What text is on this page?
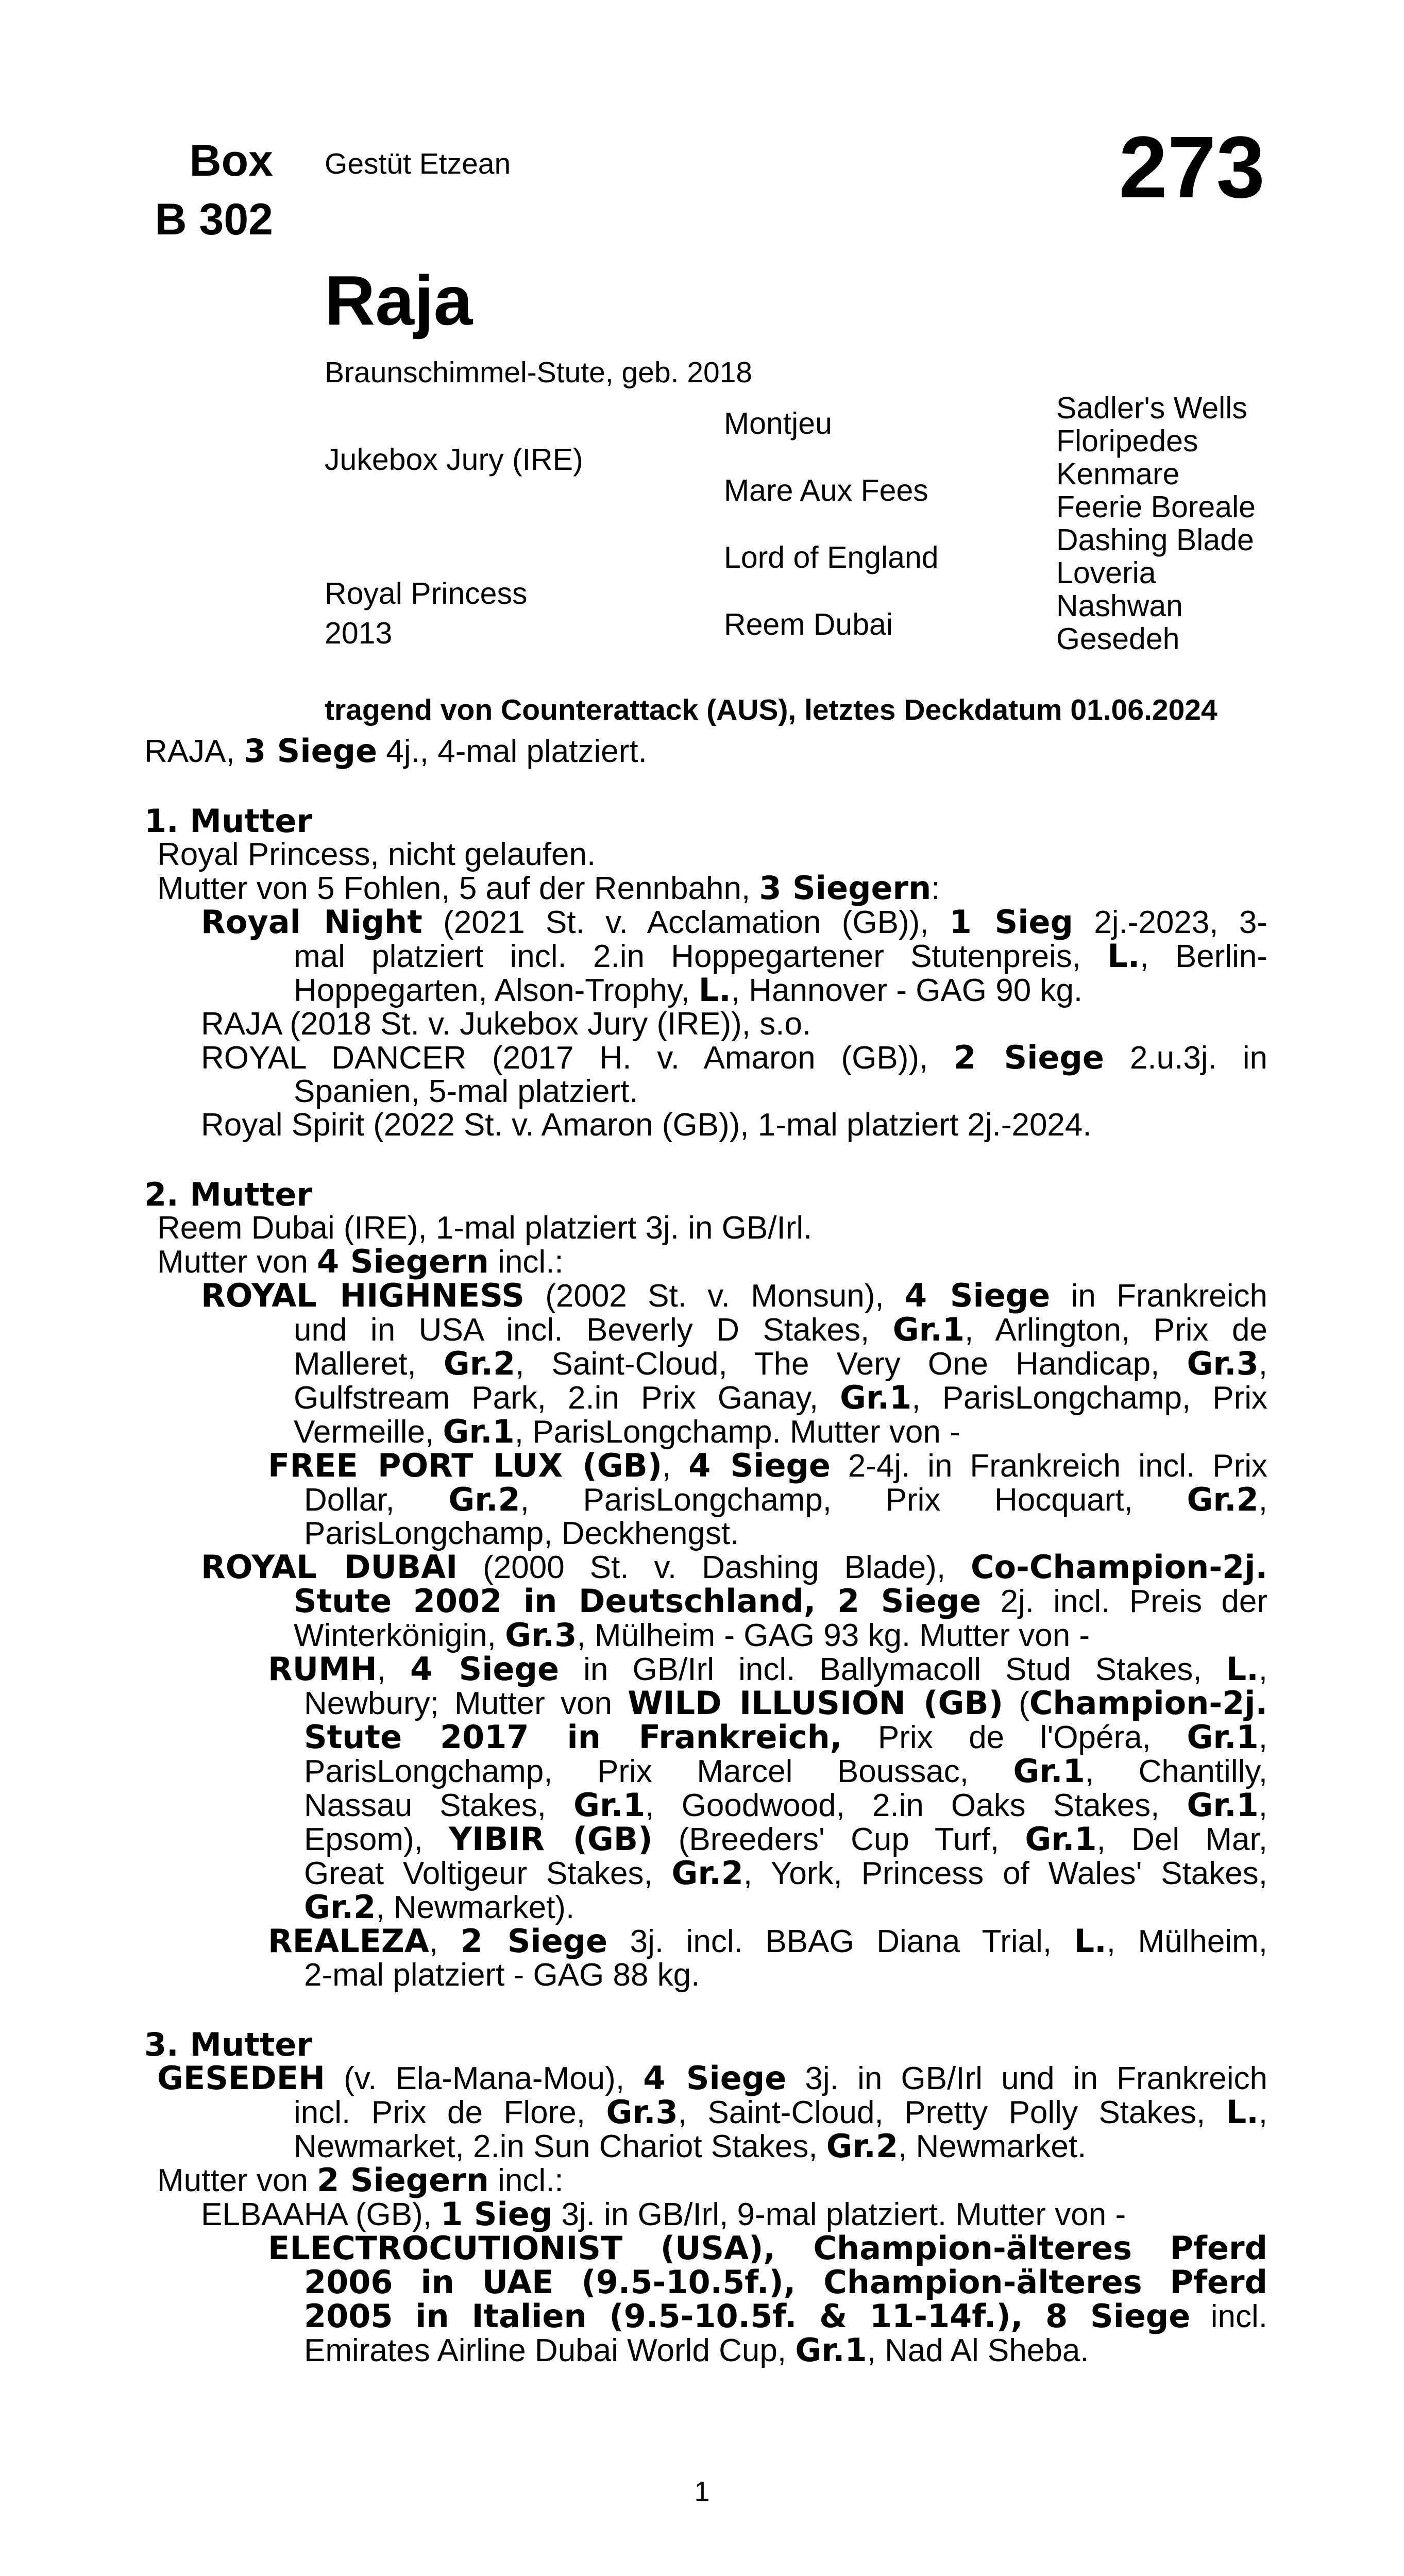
Box
B 302
Gestüt Etzean	273
Raja
Braunschimmel-Stute, geb. 2018
Jukebox Jury (IRE)
Royal Princess
2013
Montjeu
Mare Aux Fees
Lord of England
Reem Dubai
Sadler's Wells
Floripedes
Kenmare
Feerie Boreale
Dashing Blade
Loveria
Nashwan
Gesedeh
tragend von Counterattack (AUS), letztes Deckdatum 01.06.2024
RAJA, 3 Siege 4j., 4-mal platziert.
1. Mutter
Royal Princess, nicht gelaufen.
Mutter von 5 Fohlen, 5 auf der Rennbahn, 3 Siegern:
Royal Night (2021 St. v. Acclamation (GB)), 1 Sieg 2j.-2023, 3-
mal platziert incl. 2.in Hoppegartener Stutenpreis, L., Berlin-
Hoppegarten, Alson-Trophy, L., Hannover - GAG 90 kg.
RAJA (2018 St. v. Jukebox Jury (IRE)), s.o.
ROYAL DANCER (2017 H. v. Amaron (GB)), 2 Siege 2.u.3j. in
Spanien, 5-mal platziert.
Royal Spirit (2022 St. v. Amaron (GB)), 1-mal platziert 2j.-2024.
2. Mutter
Reem Dubai (IRE), 1-mal platziert 3j. in GB/Irl.
Mutter von 4 Siegern incl.:
ROYAL HIGHNESS (2002 St. v. Monsun), 4 Siege in Frankreich
und in USA incl. Beverly D Stakes, Gr.1, Arlington, Prix de
Malleret, Gr.2, Saint-Cloud, The Very One Handicap, Gr.3,
Gulfstream Park, 2.in Prix Ganay, Gr.1, ParisLongchamp, Prix
Vermeille, Gr.1, ParisLongchamp. Mutter von -
FREE PORT LUX (GB), 4 Siege 2-4j. in Frankreich incl. Prix
Dollar, Gr.2, ParisLongchamp, Prix Hocquart, Gr.2,
ParisLongchamp, Deckhengst.
ROYAL DUBAI (2000 St. v. Dashing Blade), Co-Champion-2j.
Stute 2002 in Deutschland, 2 Siege 2j. incl. Preis der
Winterkönigin, Gr.3, Mülheim - GAG 93 kg. Mutter von -
RUMH, 4 Siege in GB/Irl incl. Ballymacoll Stud Stakes, L.,
Newbury; Mutter von WILD ILLUSION (GB) (Champion-2j.
Stute 2017 in Frankreich, Prix de l'Opéra, Gr.1,
ParisLongchamp, Prix Marcel Boussac, Gr.1, Chantilly,
Nassau Stakes, Gr.1, Goodwood, 2.in Oaks Stakes, Gr.1,
Epsom), YIBIR (GB) (Breeders' Cup Turf, Gr.1, Del Mar,
Great Voltigeur Stakes, Gr.2, York, Princess of Wales' Stakes,
Gr.2, Newmarket).
REALEZA, 2 Siege 3j. incl. BBAG Diana Trial, L., Mülheim,
2-mal platziert - GAG 88 kg.
3. Mutter
GESEDEH (v. Ela-Mana-Mou), 4 Siege 3j. in GB/Irl und in Frankreich
incl. Prix de Flore, Gr.3, Saint-Cloud, Pretty Polly Stakes, L.,
Newmarket, 2.in Sun Chariot Stakes, Gr.2, Newmarket.
Mutter von 2 Siegern incl.:
ELBAAHA (GB), 1 Sieg 3j. in GB/Irl, 9-mal platziert. Mutter von -
ELECTROCUTIONIST (USA), Champion-älteres Pferd
2006 in UAE (9.5-10.5f.), Champion-älteres Pferd
2005 in Italien (9.5-10.5f. & 11-14f.), 8 Siege incl.
Emirates Airline Dubai World Cup, Gr.1, Nad Al Sheba.
1
